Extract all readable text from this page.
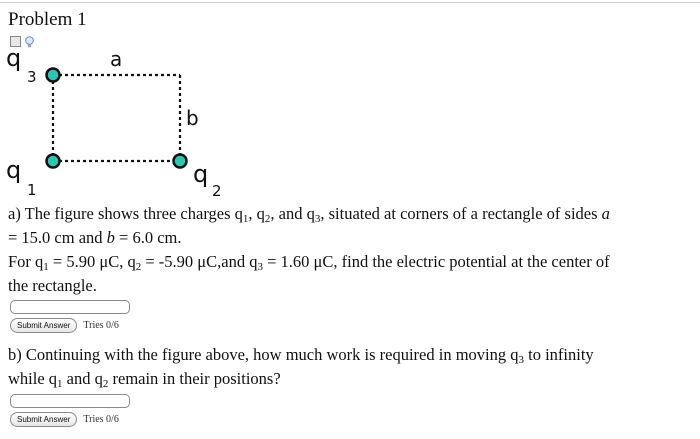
Problem 1
a
b
q
3
q
1
q
2
a) The figure shows three charges $q_1$, $q_2$, and $q_3$, situated at corners of a rectangle of sides a
= 15.0 cm and b = 6.0 cm.
For $q_1 = 5.90$ μC, $q_2 = -5.90$ μC,and $q_3 = 1.60$ μC, find the electric potential at the center of
the rectangle.
Submit Answer	Tries 0/6
b) Continuing with the figure above, how much work is required in moving $q_3$ to infinity
while $q_1$ and $q_2$ remain in their positions?
Submit Answer	Tries 0/6
